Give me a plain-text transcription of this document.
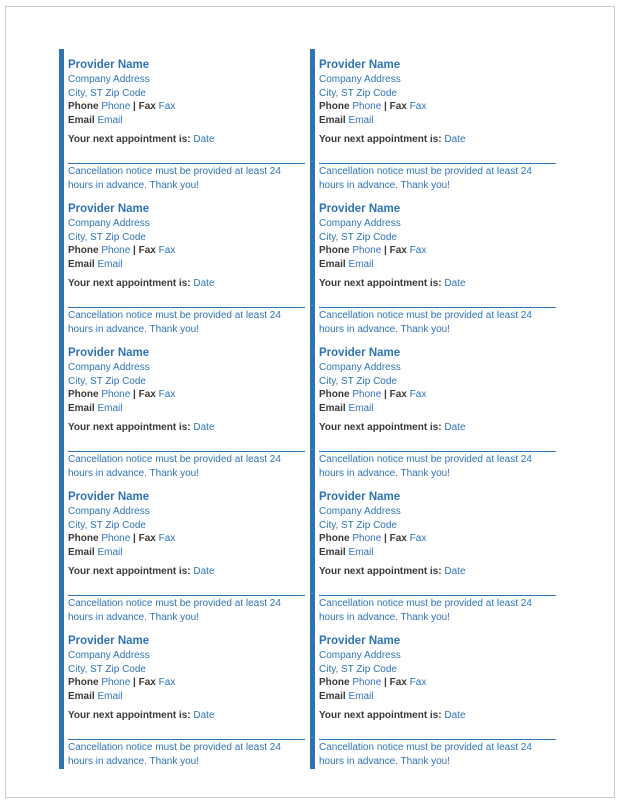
Provider Name
Company Address
City, ST Zip Code
Phone Phone | Fax Fax
Email Email
Your next appointment is: Date
Cancellation notice must be provided at least 24 hours in advance. Thank you!
Provider Name
Company Address
City, ST Zip Code
Phone Phone | Fax Fax
Email Email
Your next appointment is: Date
Cancellation notice must be provided at least 24 hours in advance. Thank you!
Provider Name
Company Address
City, ST Zip Code
Phone Phone | Fax Fax
Email Email
Your next appointment is: Date
Cancellation notice must be provided at least 24 hours in advance. Thank you!
Provider Name
Company Address
City, ST Zip Code
Phone Phone | Fax Fax
Email Email
Your next appointment is: Date
Cancellation notice must be provided at least 24 hours in advance. Thank you!
Provider Name
Company Address
City, ST Zip Code
Phone Phone | Fax Fax
Email Email
Your next appointment is: Date
Cancellation notice must be provided at least 24 hours in advance. Thank you!
Provider Name
Company Address
City, ST Zip Code
Phone Phone | Fax Fax
Email Email
Your next appointment is: Date
Cancellation notice must be provided at least 24 hours in advance. Thank you!
Provider Name
Company Address
City, ST Zip Code
Phone Phone | Fax Fax
Email Email
Your next appointment is: Date
Cancellation notice must be provided at least 24 hours in advance. Thank you!
Provider Name
Company Address
City, ST Zip Code
Phone Phone | Fax Fax
Email Email
Your next appointment is: Date
Cancellation notice must be provided at least 24 hours in advance. Thank you!
Provider Name
Company Address
City, ST Zip Code
Phone Phone | Fax Fax
Email Email
Your next appointment is: Date
Cancellation notice must be provided at least 24 hours in advance. Thank you!
Provider Name
Company Address
City, ST Zip Code
Phone Phone | Fax Fax
Email Email
Your next appointment is: Date
Cancellation notice must be provided at least 24 hours in advance. Thank you!
